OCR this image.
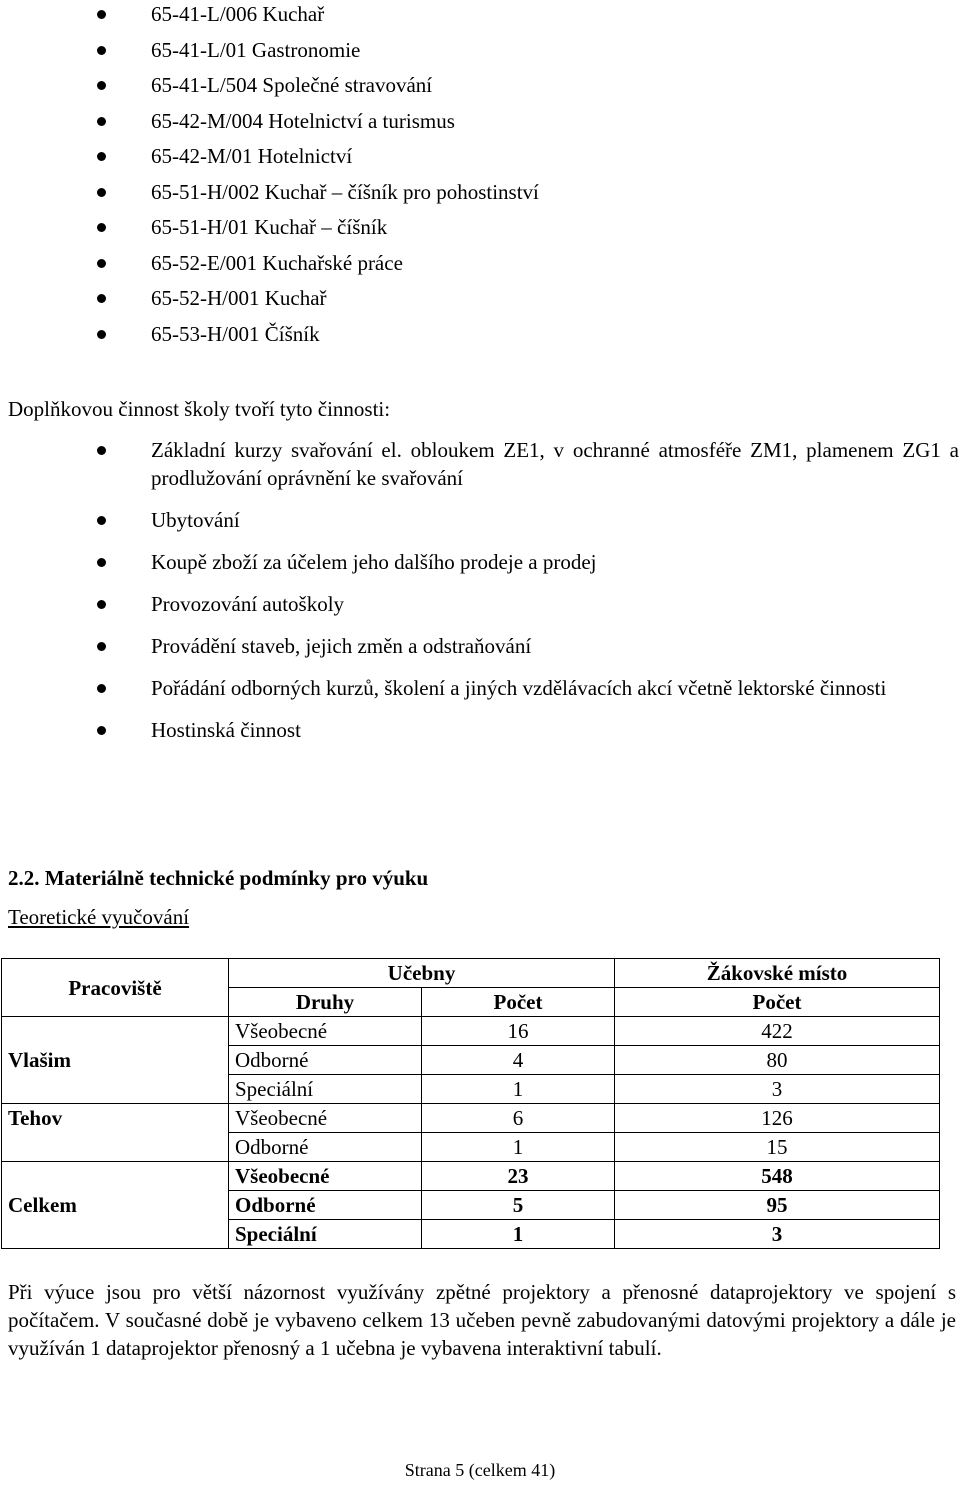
65-41-L/006 Kuchař
65-41-L/01 Gastronomie
65-41-L/504 Společné stravování
65-42-M/004 Hotelnictví a turismus
65-42-M/01 Hotelnictví
65-51-H/002 Kuchař – číšník pro pohostinství
65-51-H/01 Kuchař – číšník
65-52-E/001 Kuchařské práce
65-52-H/001 Kuchař
65-53-H/001 Číšník

Doplňkovou činnost školy tvoří tyto činnosti:

Základní kurzy svařování el. obloukem ZE1, v ochranné atmosféře ZM1, plamenem ZG1 a prodlužování oprávnění ke svařování
Ubytování
Koupě zboží za účelem jeho dalšího prodeje a prodej
Provozování autoškoly
Provádění staveb, jejich změn a odstraňování
Pořádání odborných kurzů, školení a jiných vzdělávacích akcí včetně lektorské činnosti
Hostinská činnost
2.2. Materiálně technické podmínky pro výuku

Teoretické vyučování

Pracoviště	Učebny		Žákovské místo
	Druhy	Počet	Počet
Vlašim	Všeobecné	16	422
	Odborné	4	80
	Speciální	1	3
Tehov	Všeobecné	6	126
	Odborné	1	15
Celkem	Všeobecné	23	548
	Odborné	5	95
	Speciální	1	3

Při výuce jsou pro větší názornost využívány zpětné projektory a přenosné dataprojektory ve spojení s počítačem. V současné době je vybaveno celkem 13 učeben pevně zabudovanými datovými projektory a dále je využíván 1 dataprojektor přenosný a 1 učebna je vybavena interaktivní tabulí.

Strana 5 (celkem 41)
